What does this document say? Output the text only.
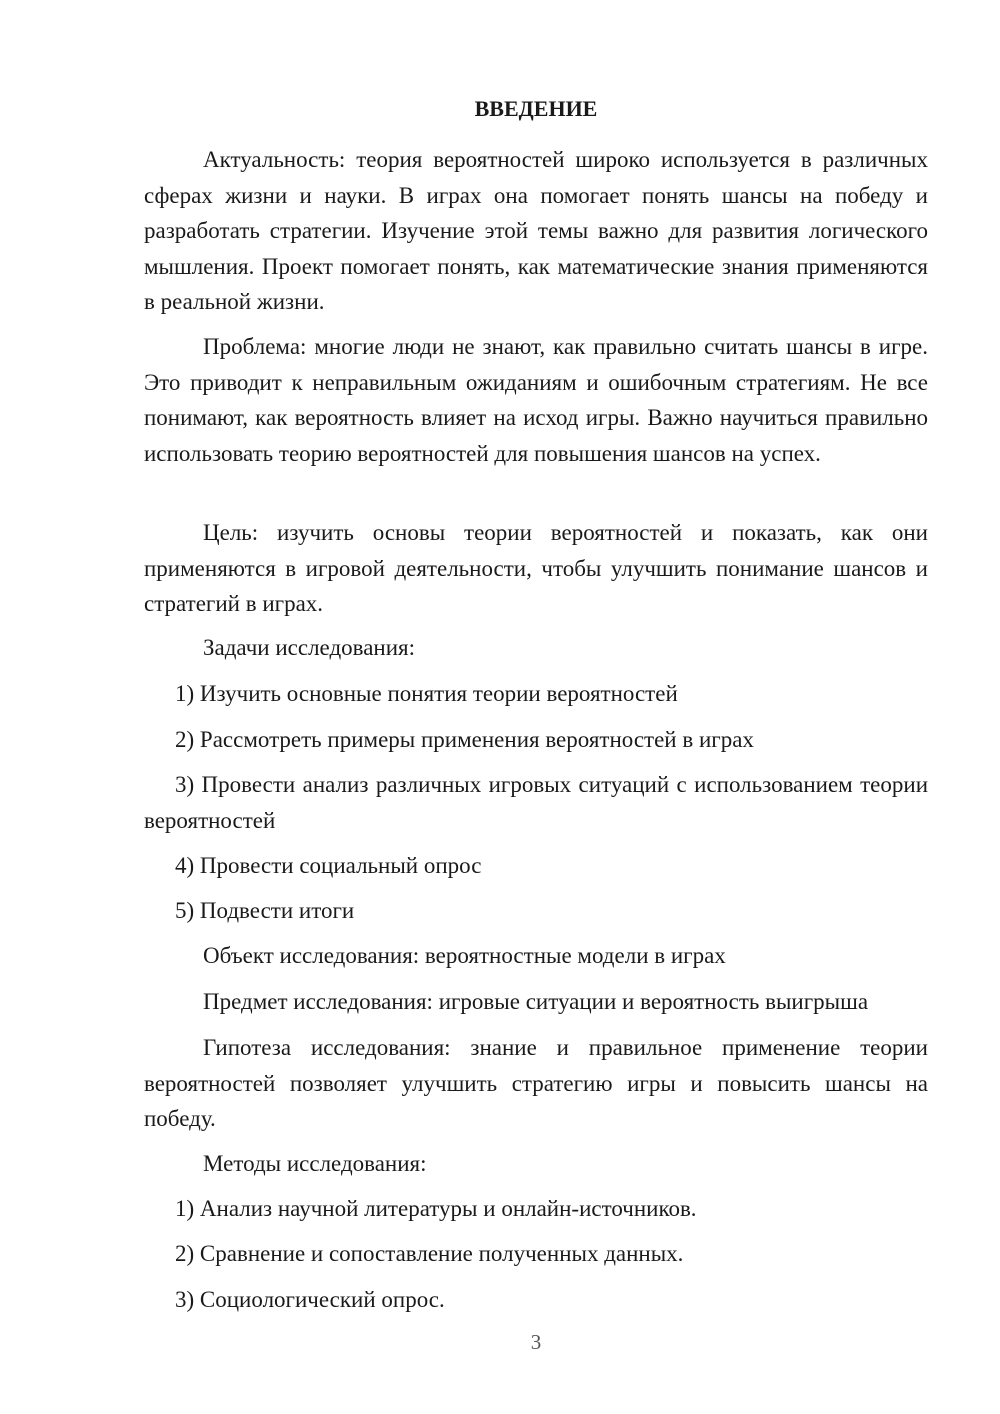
ВВЕДЕНИЕ

Актуальность: теория вероятностей широко используется в различных сферах жизни и науки. В играх она помогает понять шансы на победу и разработать стратегии. Изучение этой темы важно для развития логического мышления. Проект помогает понять, как математические знания применяются в реальной жизни.

Проблема: многие люди не знают, как правильно считать шансы в игре. Это приводит к неправильным ожиданиям и ошибочным стратегиям. Не все понимают, как вероятность влияет на исход игры. Важно научиться правильно использовать теорию вероятностей для повышения шансов на успех.

Цель: изучить основы теории вероятностей и показать, как они применяются в игровой деятельности, чтобы улучшить понимание шансов и стратегий в играх.

Задачи исследования:

1) Изучить основные понятия теории вероятностей

2) Рассмотреть примеры применения вероятностей в играх

3) Провести анализ различных игровых ситуаций с использованием теории вероятностей

4) Провести социальный опрос

5) Подвести итоги

Объект исследования: вероятностные модели в играх

Предмет исследования: игровые ситуации и вероятность выигрыша

Гипотеза исследования: знание и правильное применение теории вероятностей позволяет улучшить стратегию игры и повысить шансы на победу.

Методы исследования:

1) Анализ научной литературы и онлайн-источников.

2) Сравнение и сопоставление полученных данных.

3) Социологический опрос.

3
